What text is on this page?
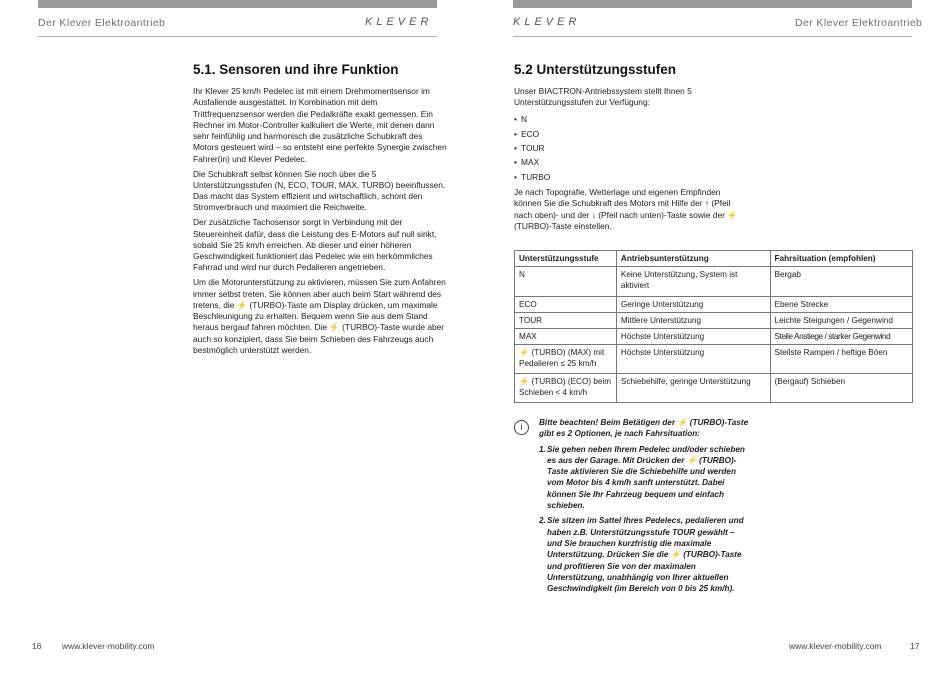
Der Klever Elektroantrieb	KLEVER
5.1. Sensoren und ihre Funktion

Ihr Klever 25 km/h Pedelec ist mit einem Drehmomentsensor im Ausfallende ausgestattet. In Kombination mit dem Trittfrequenzsensor werden die Pedalkräfte exakt gemessen. Ein Rechner im Motor-Controller kalkuliert die Werte, mit denen dann sehr feinfühlig und harmonisch die zusätzliche Schubkraft des Motors gesteuert wird – so entsteht eine perfekte Synergie zwischen Fahrer(in) und Klever Pedelec.

Die Schubkraft selbst können Sie noch über die 5 Unterstützungsstufen (N, ECO, TOUR, MAX, TURBO) beeinflussen. Das macht das System effizient und wirtschaftlich, schont den Stromverbrauch und maximiert die Reichweite.

Der zusätzliche Tachosensor sorgt in Verbindung mit der Steuereinheit dafür, dass die Leistung des E-Motors auf null sinkt, sobald Sie 25 km/h erreichen. Ab dieser und einer höheren Geschwindigkeit funktioniert das Pedelec wie ein herkömmliches Fahrrad und wird nur durch Pedalieren angetrieben.

Um die Motorunterstützung zu aktivieren, müssen Sie zum Anfahren immer selbst treten. Sie können aber auch beim Start während des tretens, die ⚡ (TURBO)-Taste am Display drücken, um maximale Beschleunigung zu erhalten. Bequem wenn Sie aus dem Stand heraus bergauf fahren möchten. Die ⚡ (TURBO)-Taste wurde aber auch so konzipiert, dass Sie beim Schieben des Fahrzeugs auch bestmöglich unterstützt werden.

16 www.klever-mobility.com
KLEVER	Der Klever Elektroantrieb
5.2 Unterstützungsstufen

Unser BIACTRON-Antriebssystem stellt Ihnen 5 Unterstützungsstufen zur Verfügung:

• N
• ECO
• TOUR
• MAX
• TURBO

Je nach Topografie, Wetterlage und eigenen Empfinden können Sie die Schubkraft des Motors mit Hilfe der ↑ (Pfeil nach oben)- und der ↓ (Pfeil nach unten)-Taste sowie der ⚡ (TURBO)-Taste einstellen.

Unterstützungsstufe	Antriebsunterstützung	Fahrsituation (empfohlen)
N	Keine Unterstützung, System ist aktiviert	Bergab
ECO	Geringe Unterstützung	Ebene Strecke
TOUR	Mittlere Unterstützung	Leichte Steigungen / Gegenwind
MAX	Höchste Unterstützung	Steile Anstiege / starker Gegenwind
⚡ (TURBO) (MAX) mit Pedalieren ≤ 25 km/h	Höchste Unterstützung	Steilste Rampen / heftige Böen
⚡ (TURBO) (ECO) beim Schieben < 4 km/h	Schiebehilfe, geringe Unterstützung	(Bergauf) Schieben
i	Bitte beachten! Beim Betätigen der ⚡ (TURBO)-Taste gibt es 2 Optionen, je nach Fahrsituation:

1. Sie gehen neben Ihrem Pedelec und/oder schieben es aus der Garage. Mit Drücken der ⚡ (TURBO)-Taste aktivieren Sie die Schiebehilfe und werden vom Motor bis 4 km/h sanft unterstützt. Dabei können Sie Ihr Fahrzeug bequem und einfach schieben.
2. Sie sitzen im Sattel Ihres Pedelecs, pedalieren und haben z.B. Unterstützungsstufe TOUR gewählt – und Sie brauchen kurzfristig die maximale Unterstützung. Drücken Sie die ⚡ (TURBO)-Taste und profitieren Sie von der maximalen Unterstützung, unabhängig von Ihrer aktuellen Geschwindigkeit (im Bereich von 0 bis 25 km/h).
www.klever-mobility.com	17
